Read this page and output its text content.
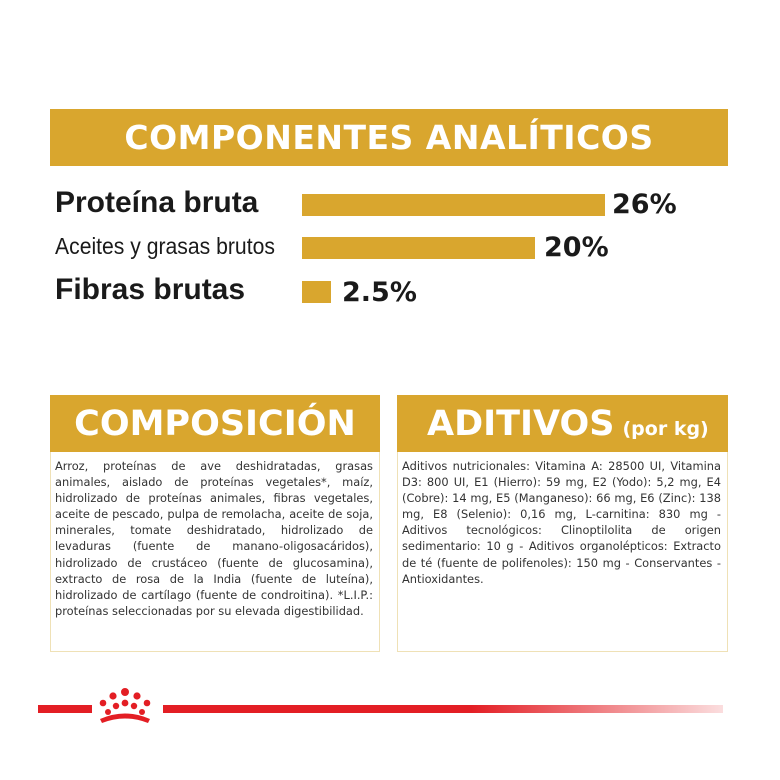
COMPONENTES ANALÍTICOS
Proteína bruta	26%
Aceites y grasas brutos	20%
Fibras brutas	2.5%
COMPOSICIÓN

Arroz, proteínas de ave deshidratadas, grasas animales, aislado de proteínas vegetales*, maíz, hidrolizado de proteínas animales, fibras vegetales, aceite de pescado, pulpa de remolacha, aceite de soja, minerales, tomate deshidratado, hidrolizado de levaduras (fuente de manano-oligosacáridos), hidrolizado de crustáceo (fuente de glucosamina), extracto de rosa de la India (fuente de luteína), hidrolizado de cartílago (fuente de condroitina). *L.I.P.: proteínas seleccionadas por su elevada digestibilidad.

ADITIVOS (por kg)

Aditivos nutricionales: Vitamina A: 28500 UI, Vitamina D3: 800 UI, E1 (Hierro): 59 mg, E2 (Yodo): 5,2 mg, E4 (Cobre): 14 mg, E5 (Manganeso): 66 mg, E6 (Zinc): 138 mg, E8 (Selenio): 0,16 mg, L-carnitina: 830 mg - Aditivos tecnológicos: Clinoptilolita de origen sedimentario: 10 g - Aditivos organolépticos: Extracto de té (fuente de polifenoles): 150 mg - Conservantes - Antioxidantes.
